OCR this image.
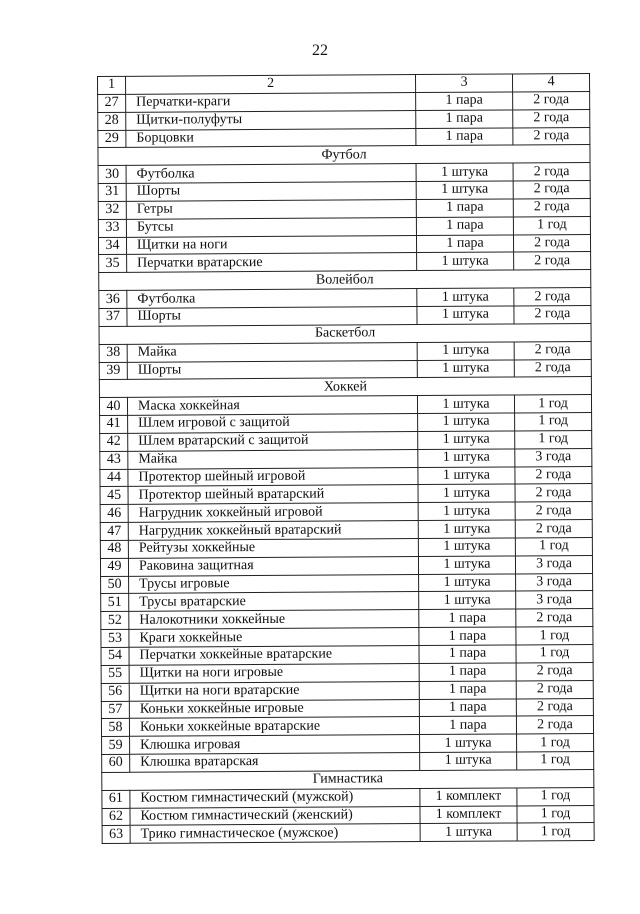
22
1	2	3	4
27	Перчатки-краги	1 пара	2 года
28	Щитки-полуфуты	1 пара	2 года
29	Борцовки	1 пара	2 года
Футбол			
30	Футболка	1 штука	2 года
31	Шорты	1 штука	2 года
32	Гетры	1 пара	2 года
33	Бутсы	1 пара	1 год
34	Щитки на ноги	1 пара	2 года
35	Перчатки вратарские	1 штука	2 года
Волейбол			
36	Футболка	1 штука	2 года
37	Шорты	1 штука	2 года
Баскетбол			
38	Майка	1 штука	2 года
39	Шорты	1 штука	2 года
Хоккей			
40	Маска хоккейная	1 штука	1 год
41	Шлем игровой с защитой	1 штука	1 год
42	Шлем вратарский с защитой	1 штука	1 год
43	Майка	1 штука	3 года
44	Протектор шейный игровой	1 штука	2 года
45	Протектор шейный вратарский	1 штука	2 года
46	Нагрудник хоккейный игровой	1 штука	2 года
47	Нагрудник хоккейный вратарский	1 штука	2 года
48	Рейтузы хоккейные	1 штука	1 год
49	Раковина защитная	1 штука	3 года
50	Трусы игровые	1 штука	3 года
51	Трусы вратарские	1 штука	3 года
52	Налокотники хоккейные	1 пара	2 года
53	Краги хоккейные	1 пара	1 год
54	Перчатки хоккейные вратарские	1 пара	1 год
55	Щитки на ноги игровые	1 пара	2 года
56	Щитки на ноги вратарские	1 пара	2 года
57	Коньки хоккейные игровые	1 пара	2 года
58	Коньки хоккейные вратарские	1 пара	2 года
59	Клюшка игровая	1 штука	1 год
60	Клюшка вратарская	1 штука	1 год
Гимнастика			
61	Костюм гимнастический (мужской)	1 комплект	1 год
62	Костюм гимнастический (женский)	1 комплект	1 год
63	Трико гимнастическое (мужское)	1 штука	1 год
